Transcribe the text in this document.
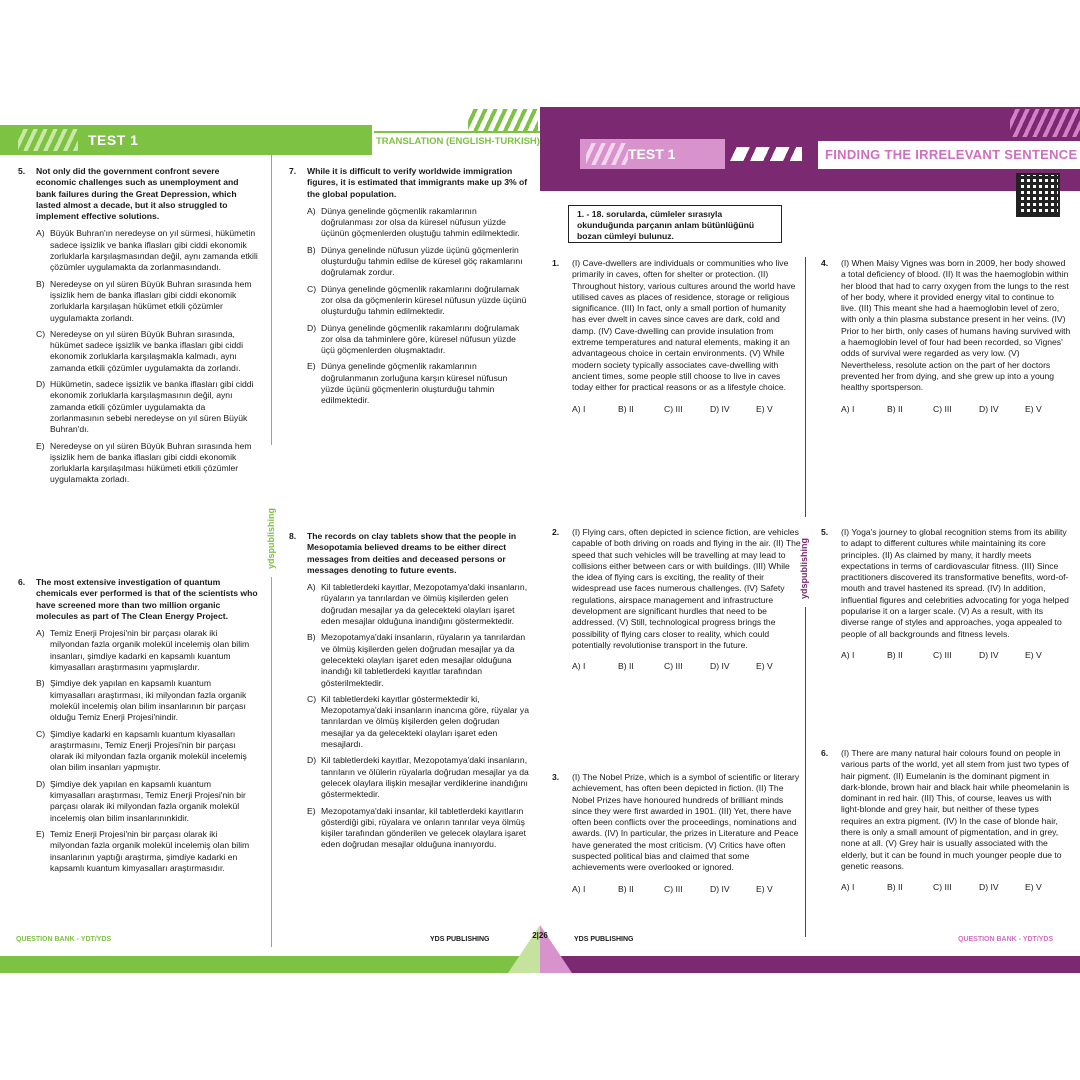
TEST 1	TRANSLATION (ENGLISH-TURKISH)
ydspublishing
5.	Not only did the government confront severe economic challenges such as unemployment and bank failures during the Great Depression, which lasted almost a decade, but it also struggled to implement effective solutions.
A) Büyük Buhran'ın neredeyse on yıl sürmesi, hükümetin sadece işsizlik ve banka iflasları gibi ciddi ekonomik zorluklarla karşılaşmasından değil, aynı zamanda etkili çözümler uygulamakta da zorlanmasındandı.
B) Neredeyse on yıl süren Büyük Buhran sırasında hem işsizlik hem de banka iflasları gibi ciddi ekonomik zorluklarla karşılaşan hükümet etkili çözümler uygulamakta zorlandı.
C) Neredeyse on yıl süren Büyük Buhran sırasında, hükümet sadece işsizlik ve banka iflasları gibi ciddi ekonomik zorluklarla karşılaşmakla kalmadı, aynı zamanda etkili çözümler uygulamakta da zorlandı.
D) Hükümetin, sadece işsizlik ve banka iflasları gibi ciddi ekonomik zorluklarla karşılaşmasının değil, aynı zamanda etkili çözümler uygulamakta da zorlanmasının sebebi neredeyse on yıl süren Büyük Buhran'dı.
E) Neredeyse on yıl süren Büyük Buhran sırasında hem işsizlik hem de banka iflasları gibi ciddi ekonomik zorluklarla karşılaşılması hükümeti etkili çözümler uygulamakta zorladı.
6.	The most extensive investigation of quantum chemicals ever performed is that of the scientists who have screened more than two million organic molecules as part of The Clean Energy Project.
A) Temiz Enerji Projesi'nin bir parçası olarak iki milyondan fazla organik molekül incelemiş olan bilim insanları, şimdiye kadarki en kapsamlı kuantum kimyasalları araştırmasını yapmışlardır.
B) Şimdiye dek yapılan en kapsamlı kuantum kimyasalları araştırması, iki milyondan fazla organik molekül incelemiş olan bilim insanlarının bir parçası olduğu Temiz Enerji Projesi'nindir.
C) Şimdiye kadarki en kapsamlı kuantum kiyasalları araştırmasını, Temiz Enerji Projesi'nin bir parçası olarak iki milyondan fazla organik molekül incelemiş olan bilim insanları yapmıştır.
D) Şimdiye dek yapılan en kapsamlı kuantum kimyasalları araştırması, Temiz Enerji Projesi'nin bir parçası olarak iki milyondan fazla organik molekül incelemiş olan bilim insanlarınınkidir.
E) Temiz Enerji Projesi'nin bir parçası olarak iki milyondan fazla organik molekül incelemiş olan bilim insanlarının yaptığı araştırma, şimdiye kadarki en kapsamlı kuantum kimyasalları araştırmasıdır.
7.	While it is difficult to verify worldwide immigration figures, it is estimated that immigrants make up 3% of the global population.
A) Dünya genelinde göçmenlik rakamlarının doğrulanması zor olsa da küresel nüfusun yüzde üçünün göçmenlerden oluştuğu tahmin edilmektedir.
B) Dünya genelinde nüfusun yüzde üçünü göçmenlerin oluşturduğu tahmin edilse de küresel göç rakamlarını doğrulamak zordur.
C) Dünya genelinde göçmenlik rakamlarını doğrulamak zor olsa da göçmenlerin küresel nüfusun yüzde üçünü oluşturduğu tahmin edilmektedir.
D) Dünya genelinde göçmenlik rakamlarını doğrulamak zor olsa da tahminlere göre, küresel nüfusun yüzde üçü göçmenlerden oluşmaktadır.
E) Dünya genelinde göçmenlik rakamlarının doğrulanmanın zorluğuna karşın küresel nüfusun yüzde üçünü göçmenlerin oluşturduğu tahmin edilmektedir.
8.	The records on clay tablets show that the people in Mesopotamia believed dreams to be either direct messages from deities and deceased persons or messages denoting to future events.
A) Kil tabletlerdeki kayıtlar, Mezopotamya'daki insanların, rüyaların ya tanrılardan ve ölmüş kişilerden gelen doğrudan mesajlar ya da gelecekteki olayları işaret eden mesajlar olduğuna inandığını göstermektedir.
B) Mezopotamya'daki insanların, rüyaların ya tanrılardan ve ölmüş kişilerden gelen doğrudan mesajlar ya da gelecekteki olayları işaret eden mesajlar olduğuna inandığı kil tabletlerdeki kayıtlar tarafından gösterilmektedir.
C) Kil tabletlerdeki kayıtlar göstermektedir ki, Mezopotamya'daki insanların inancına göre, rüyalar ya tanrılardan ve ölmüş kişilerden gelen doğrudan mesajlar ya da gelecekteki olayları işaret eden mesajlardı.
D) Kil tabletlerdeki kayıtlar, Mezopotamya'daki insanların, tanrıların ve ölülerin rüyalarla doğrudan mesajlar ya da gelecek olaylara ilişkin mesajlar verdiklerine inandığını göstermektedir.
E) Mezopotamya'daki insanlar, kil tabletlerdeki kayıtların gösterdiği gibi, rüyalara ve onların tanrılar veya ölmüş kişiler tarafından gönderilen ve gelecek olaylara işaret eden doğrudan mesajlar olduğuna inanıyordu.
QUESTION BANK - YDT/YDS	YDS PUBLISHING
TEST 1	FINDING THE IRRELEVANT SENTENCE
1. - 18. sorularda, cümleler sırasıyla okunduğunda parçanın anlam bütünlüğünü bozan cümleyi bulunuz.
ydspublishing
1.	(I) Cave-dwellers are individuals or communities who live primarily in caves, often for shelter or protection. (II) Throughout history, various cultures around the world have utilised caves as places of residence, storage or religious significance. (III) In fact, only a small portion of humanity has ever dwelt in caves since caves are dark, cold and damp. (IV) Cave-dwelling can provide insulation from extreme temperatures and natural elements, making it an advantageous choice in certain environments. (V) While modern society typically associates cave-dwelling with ancient times, some people still choose to live in caves today either for practical reasons or as a lifestyle choice.
A) I	B) II	C) III	D) IV	E) V
2.	(I) Flying cars, often depicted in science fiction, are vehicles capable of both driving on roads and flying in the air. (II) The speed that such vehicles will be travelling at may lead to collisions either between cars or with buildings. (III) While the idea of flying cars is exciting, the reality of their widespread use faces numerous challenges. (IV) Safety regulations, airspace management and infrastructure development are significant hurdles that need to be addressed. (V) Still, technological progress brings the possibility of flying cars closer to reality, which could potentially revolutionise transport in the future.
A) I	B) II	C) III	D) IV	E) V
3.	(I) The Nobel Prize, which is a symbol of scientific or literary achievement, has often been depicted in fiction. (II) The Nobel Prizes have honoured hundreds of brilliant minds since they were first awarded in 1901. (III) Yet, there have often been conflicts over the proceedings, nominations and awards. (IV) In particular, the prizes in Literature and Peace have generated the most criticism. (V) Critics have often suspected political bias and claimed that some achievements were overlooked or ignored.
A) I	B) II	C) III	D) IV	E) V
4.	(I) When Maisy Vignes was born in 2009, her body showed a total deficiency of blood. (II) It was the haemoglobin within her blood that had to carry oxygen from the lungs to the rest of her body, where it provided energy vital to continue to live. (III) This meant she had a haemoglobin level of zero, with only a thin plasma substance present in her veins. (IV) Prior to her birth, only cases of humans having survived with a haemoglobin level of four had been recorded, so Vignes' odds of survival were regarded as very low. (V) Nevertheless, resolute action on the part of her doctors prevented her from dying, and she grew up into a young healthy sportsperson.
A) I	B) II	C) III	D) IV	E) V
5.	(I) Yoga's journey to global recognition stems from its ability to adapt to different cultures while maintaining its core principles. (II) As claimed by many, it hardly meets expectations in terms of cardiovascular fitness. (III) Since practitioners discovered its transformative benefits, word-of-mouth and travel hastened its spread. (IV) In addition, influential figures and celebrities advocating for yoga helped popularise it on a larger scale. (V) As a result, with its diverse range of styles and approaches, yoga appealed to people of all backgrounds and fitness levels.
A) I	B) II	C) III	D) IV	E) V
6.	(I) There are many natural hair colours found on people in various parts of the world, yet all stem from just two types of hair pigment. (II) Eumelanin is the dominant pigment in dark-blonde, brown hair and black hair while pheomelanin is dominant in red hair. (III) This, of course, leaves us with light-blonde and grey hair, but neither of these types requires an extra pigment. (IV) In the case of blonde hair, there is only a small amount of pigmentation, and in grey, none at all. (V) Grey hair is usually associated with the elderly, but it can be found in much younger people due to genetic reasons.
A) I	B) II	C) III	D) IV	E) V
YDS PUBLISHING	QUESTION BANK - YDT/YDS
2|26
